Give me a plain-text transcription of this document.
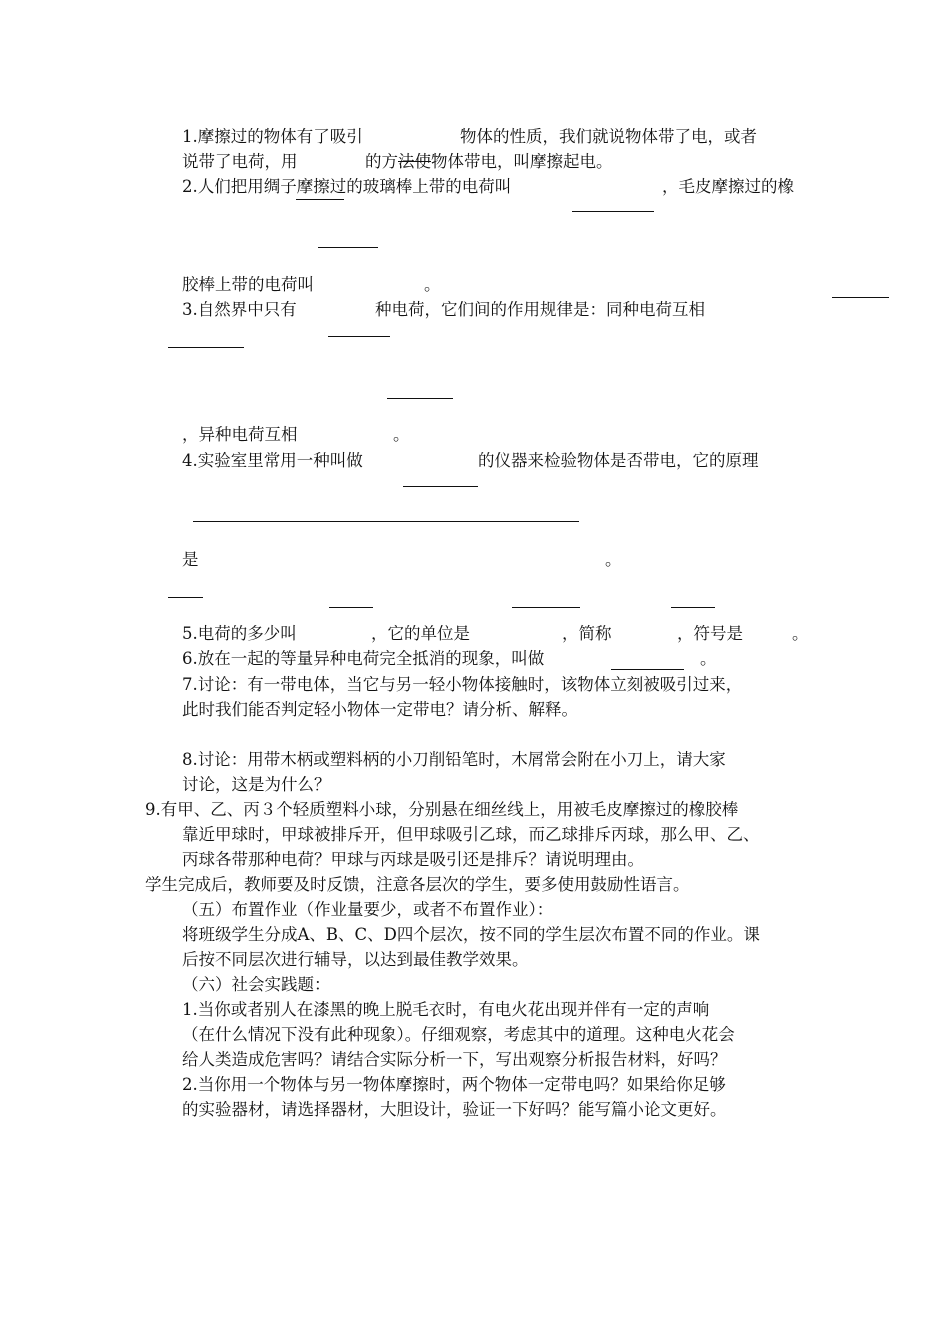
1.摩擦过的物体有了吸引	物体的性质，我们就说物体带了电，或者
说带了电荷，用	的方 法使 物体带电，叫摩擦起电。
2.人们把用绸子摩擦过的玻璃棒上带的电荷叫	，毛皮摩擦过的橡
胶棒上带的电荷叫	。
3.自然界中只有	种电荷，它们间的作用规律是：同种电荷互相
，异种电荷互相	。
4.实验室里常用一种叫做	的仪器来检验物体是否带电，它的原理
是	。
5.电荷的多少叫	，它的单位是	，简称	，符号是	。
6.放在一起的等量异种电荷完全抵消的现象，叫做	。
7.讨论：有一带电体，当它与另一轻小物体接触时，该物体立刻被吸引过来，
此时我们能否判定轻小物体一定带电？请分析、解释。
8.讨论：用带木柄或塑料柄的小刀削铅笔时，木屑常会附在小刀上，请大家
讨论，这是为什么？
9.有甲、乙、丙３个轻质塑料小球，分别悬在细丝线上，用被毛皮摩擦过的橡胶棒
靠近甲球时，甲球被排斥开，但甲球吸引乙球，而乙球排斥丙球，那么甲、乙、
丙球各带那种电荷？甲球与丙球是吸引还是排斥？请说明理由。
学生完成后，教师要及时反馈，注意各层次的学生，要多使用鼓励性语言。
（五）布置作业（作业量要少，或者不布置作业）：
将班级学生分成A、B、C、D四个层次，按不同的学生层次布置不同的作业。课
后按不同层次进行辅导，以达到最佳教学效果。
（六）社会实践题：
1.当你或者别人在漆黑的晚上脱毛衣时，有电火花出现并伴有一定的声响
（在什么情况下没有此种现象）。仔细观察，考虑其中的道理。这种电火花会
给人类造成危害吗？请结合实际分析一下，写出观察分析报告材料，好吗？
2.当你用一个物体与另一物体摩擦时，两个物体一定带电吗？如果给你足够
的实验器材，请选择器材，大胆设计，验证一下好吗？能写篇小论文更好。
